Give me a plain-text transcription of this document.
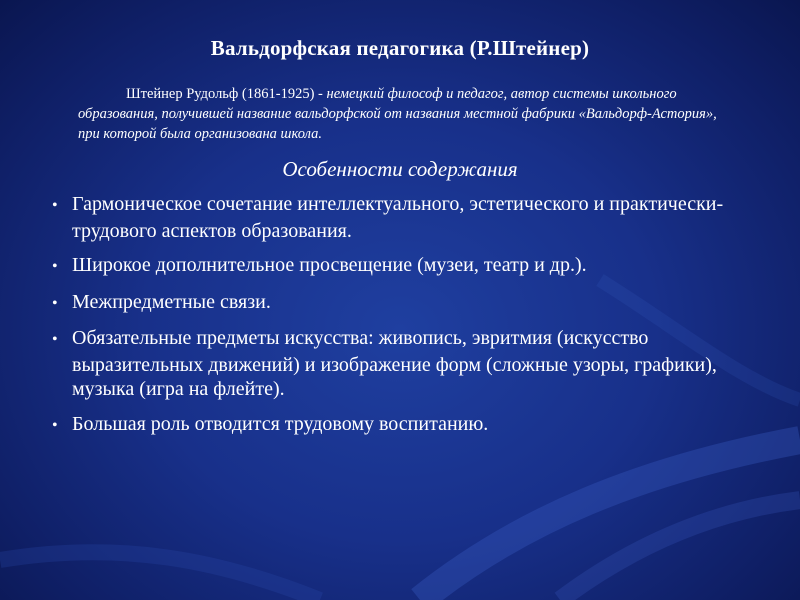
Вальдорфская педагогика (Р.Штейнер)
Штейнер Рудольф (1861-1925) - немецкий философ и педагог, автор системы школьного образования, получившей название вальдорфской от названия местной фабрики «Вальдорф-Астория», при которой была организована школа.
Особенности содержания
• Гармоническое сочетание интеллектуального, эстетического и практически-трудового аспектов образования.
• Широкое дополнительное просвещение (музеи, театр и др.).
• Межпредметные связи.
• Обязательные предметы искусства: живопись, эвритмия (искусство выразительных движений) и изображение форм (сложные узоры, графики), музыка (игра на флейте).
• Большая роль отводится трудовому воспитанию.
